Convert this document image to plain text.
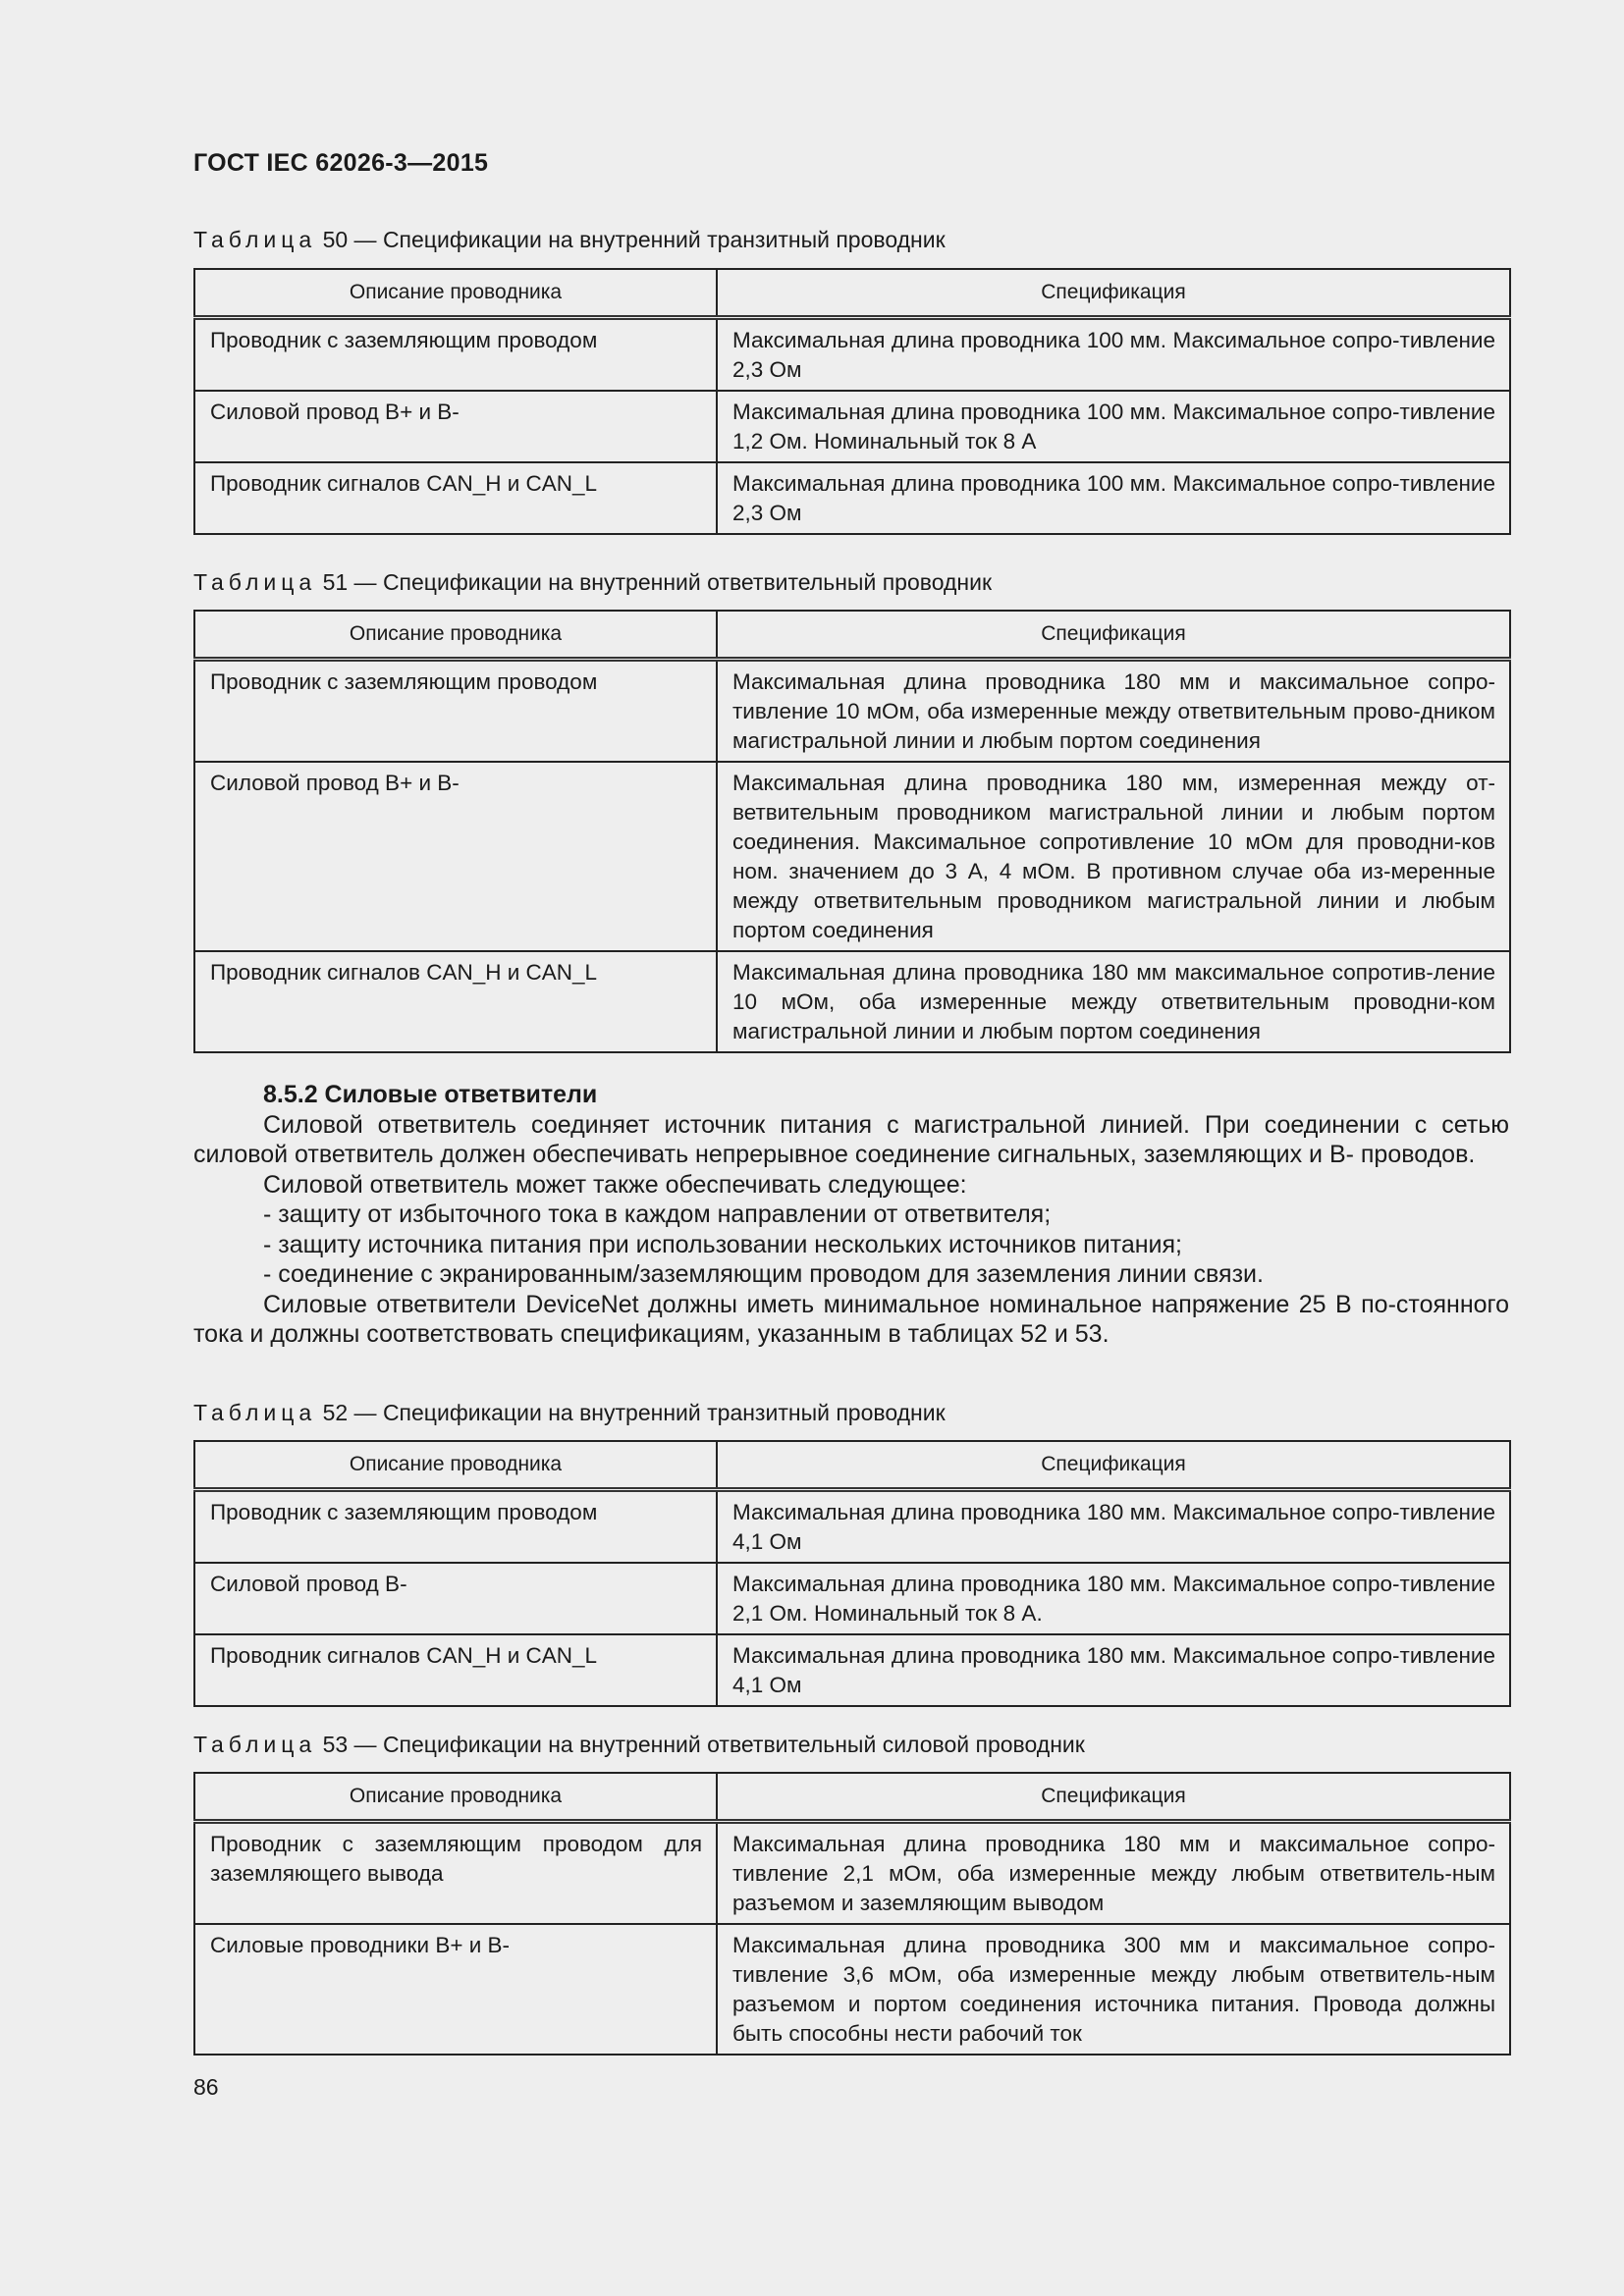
ГОСТ IEC 62026-3—2015
Таблица 50 — Спецификации на внутренний транзитный проводник
Описание проводника	Спецификация
Проводник с заземляющим проводом	Максимальная длина проводника 100 мм. Максимальное сопро-тивление 2,3 Ом
Силовой провод B+ и B-	Максимальная длина проводника 100 мм. Максимальное сопро-тивление 1,2 Ом. Номинальный ток 8 А
Проводник сигналов CAN_H и CAN_L	Максимальная длина проводника 100 мм. Максимальное сопро-тивление 2,3 Ом
Таблица 51 — Спецификации на внутренний ответвительный проводник
Описание проводника	Спецификация
Проводник с заземляющим проводом	Максимальная длина проводника 180 мм и максимальное сопро-тивление 10 мОм, оба измеренные между ответвительным прово-дником магистральной линии и любым портом соединения
Силовой провод B+ и B-	Максимальная длина проводника 180 мм, измеренная между от-ветвительным проводником магистральной линии и любым портом соединения. Максимальное сопротивление 10 мОм для проводни-ков ном. значением до 3 А, 4 мОм. В противном случае оба из-меренные между ответвительным проводником магистральной линии и любым портом соединения
Проводник сигналов CAN_H и CAN_L	Максимальная длина проводника 180 мм максимальное сопротив-ление 10 мОм, оба измеренные между ответвительным проводни-ком магистральной линии и любым портом соединения

8.5.2 Силовые ответвители

Силовой ответвитель соединяет источник питания с магистральной линией. При соединении с сетью силовой ответвитель должен обеспечивать непрерывное соединение сигнальных, заземляющих и B- проводов.

Силовой ответвитель может также обеспечивать следующее:

- защиту от избыточного тока в каждом направлении от ответвителя;

- защиту источника питания при использовании нескольких источников питания;

- соединение с экранированным/заземляющим проводом для заземления линии связи.

Силовые ответвители DeviceNet должны иметь минимальное номинальное напряжение 25 В по-стоянного тока и должны соответствовать спецификациям, указанным в таблицах 52 и 53.

Таблица 52 — Спецификации на внутренний транзитный проводник
Описание проводника	Спецификация
Проводник с заземляющим проводом	Максимальная длина проводника 180 мм. Максимальное сопро-тивление 4,1 Ом
Силовой провод B-	Максимальная длина проводника 180 мм. Максимальное сопро-тивление 2,1 Ом. Номинальный ток 8 А.
Проводник сигналов CAN_H и CAN_L	Максимальная длина проводника 180 мм. Максимальное сопро-тивление 4,1 Ом
Таблица 53 — Спецификации на внутренний ответвительный силовой проводник
Описание проводника	Спецификация
Проводник с заземляющим проводом для заземляющего вывода	Максимальная длина проводника 180 мм и максимальное сопро-тивление 2,1 мОм, оба измеренные между любым ответвитель-ным разъемом и заземляющим выводом
Силовые проводники B+ и B-	Максимальная длина проводника 300 мм и максимальное сопро-тивление 3,6 мОм, оба измеренные между любым ответвитель-ным разъемом и портом соединения источника питания. Провода должны быть способны нести рабочий ток
86
